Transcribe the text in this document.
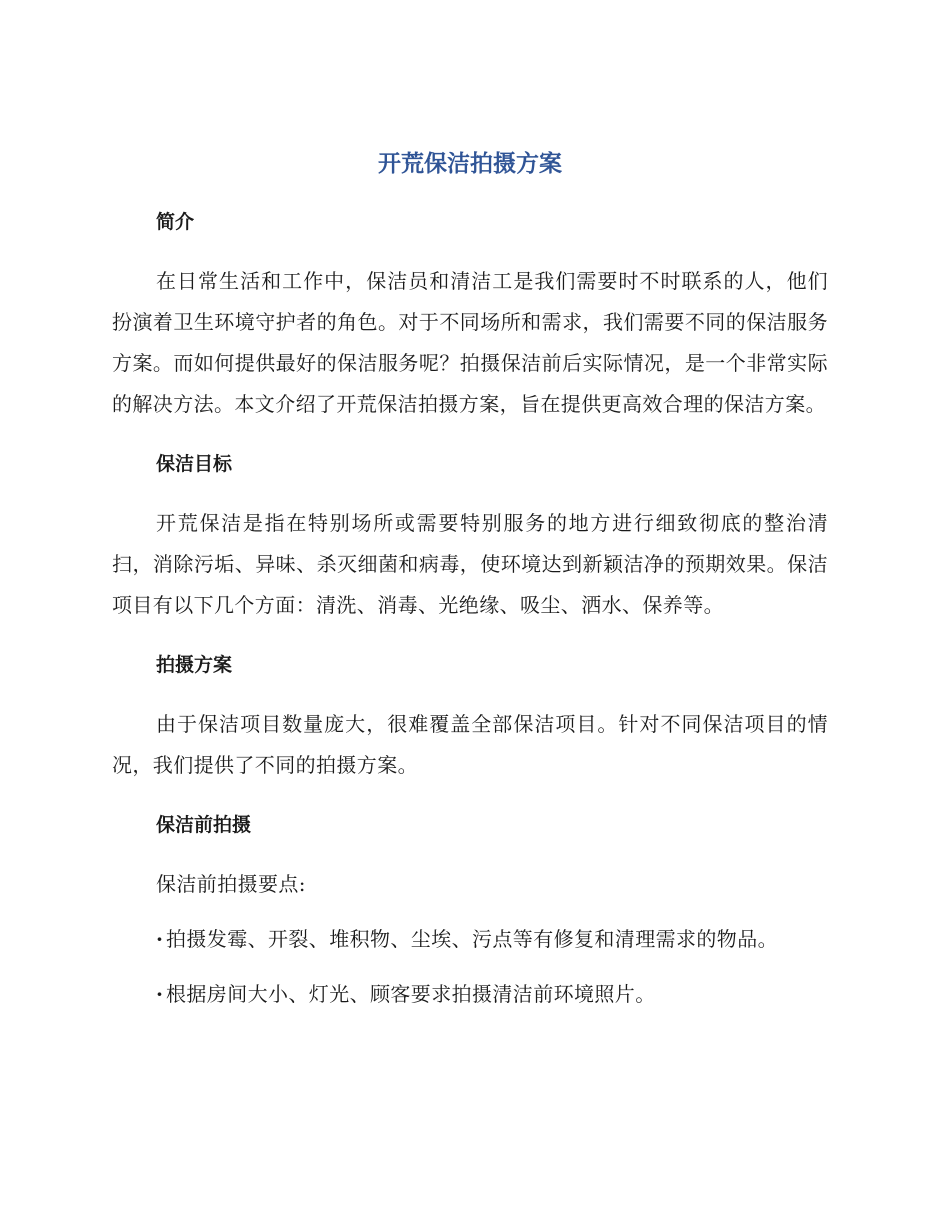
开荒保洁拍摄方案
简介

在日常生活和工作中，保洁员和清洁工是我们需要时不时联系的人，他们扮演着卫生环境守护者的角色。对于不同场所和需求，我们需要不同的保洁服务方案。而如何提供最好的保洁服务呢？拍摄保洁前后实际情况，是一个非常实际的解决方法。本文介绍了开荒保洁拍摄方案，旨在提供更高效合理的保洁方案。

保洁目标

开荒保洁是指在特别场所或需要特别服务的地方进行细致彻底的整治清扫，消除污垢、异味、杀灭细菌和病毒，使环境达到新颖洁净的预期效果。保洁项目有以下几个方面：清洗、消毒、光绝缘、吸尘、洒水、保养等。

拍摄方案

由于保洁项目数量庞大，很难覆盖全部保洁项目。针对不同保洁项目的情况，我们提供了不同的拍摄方案。

保洁前拍摄

保洁前拍摄要点:

· 拍摄发霉、开裂、堆积物、尘埃、污点等有修复和清理需求的物品。

· 根据房间大小、灯光、顾客要求拍摄清洁前环境照片。
